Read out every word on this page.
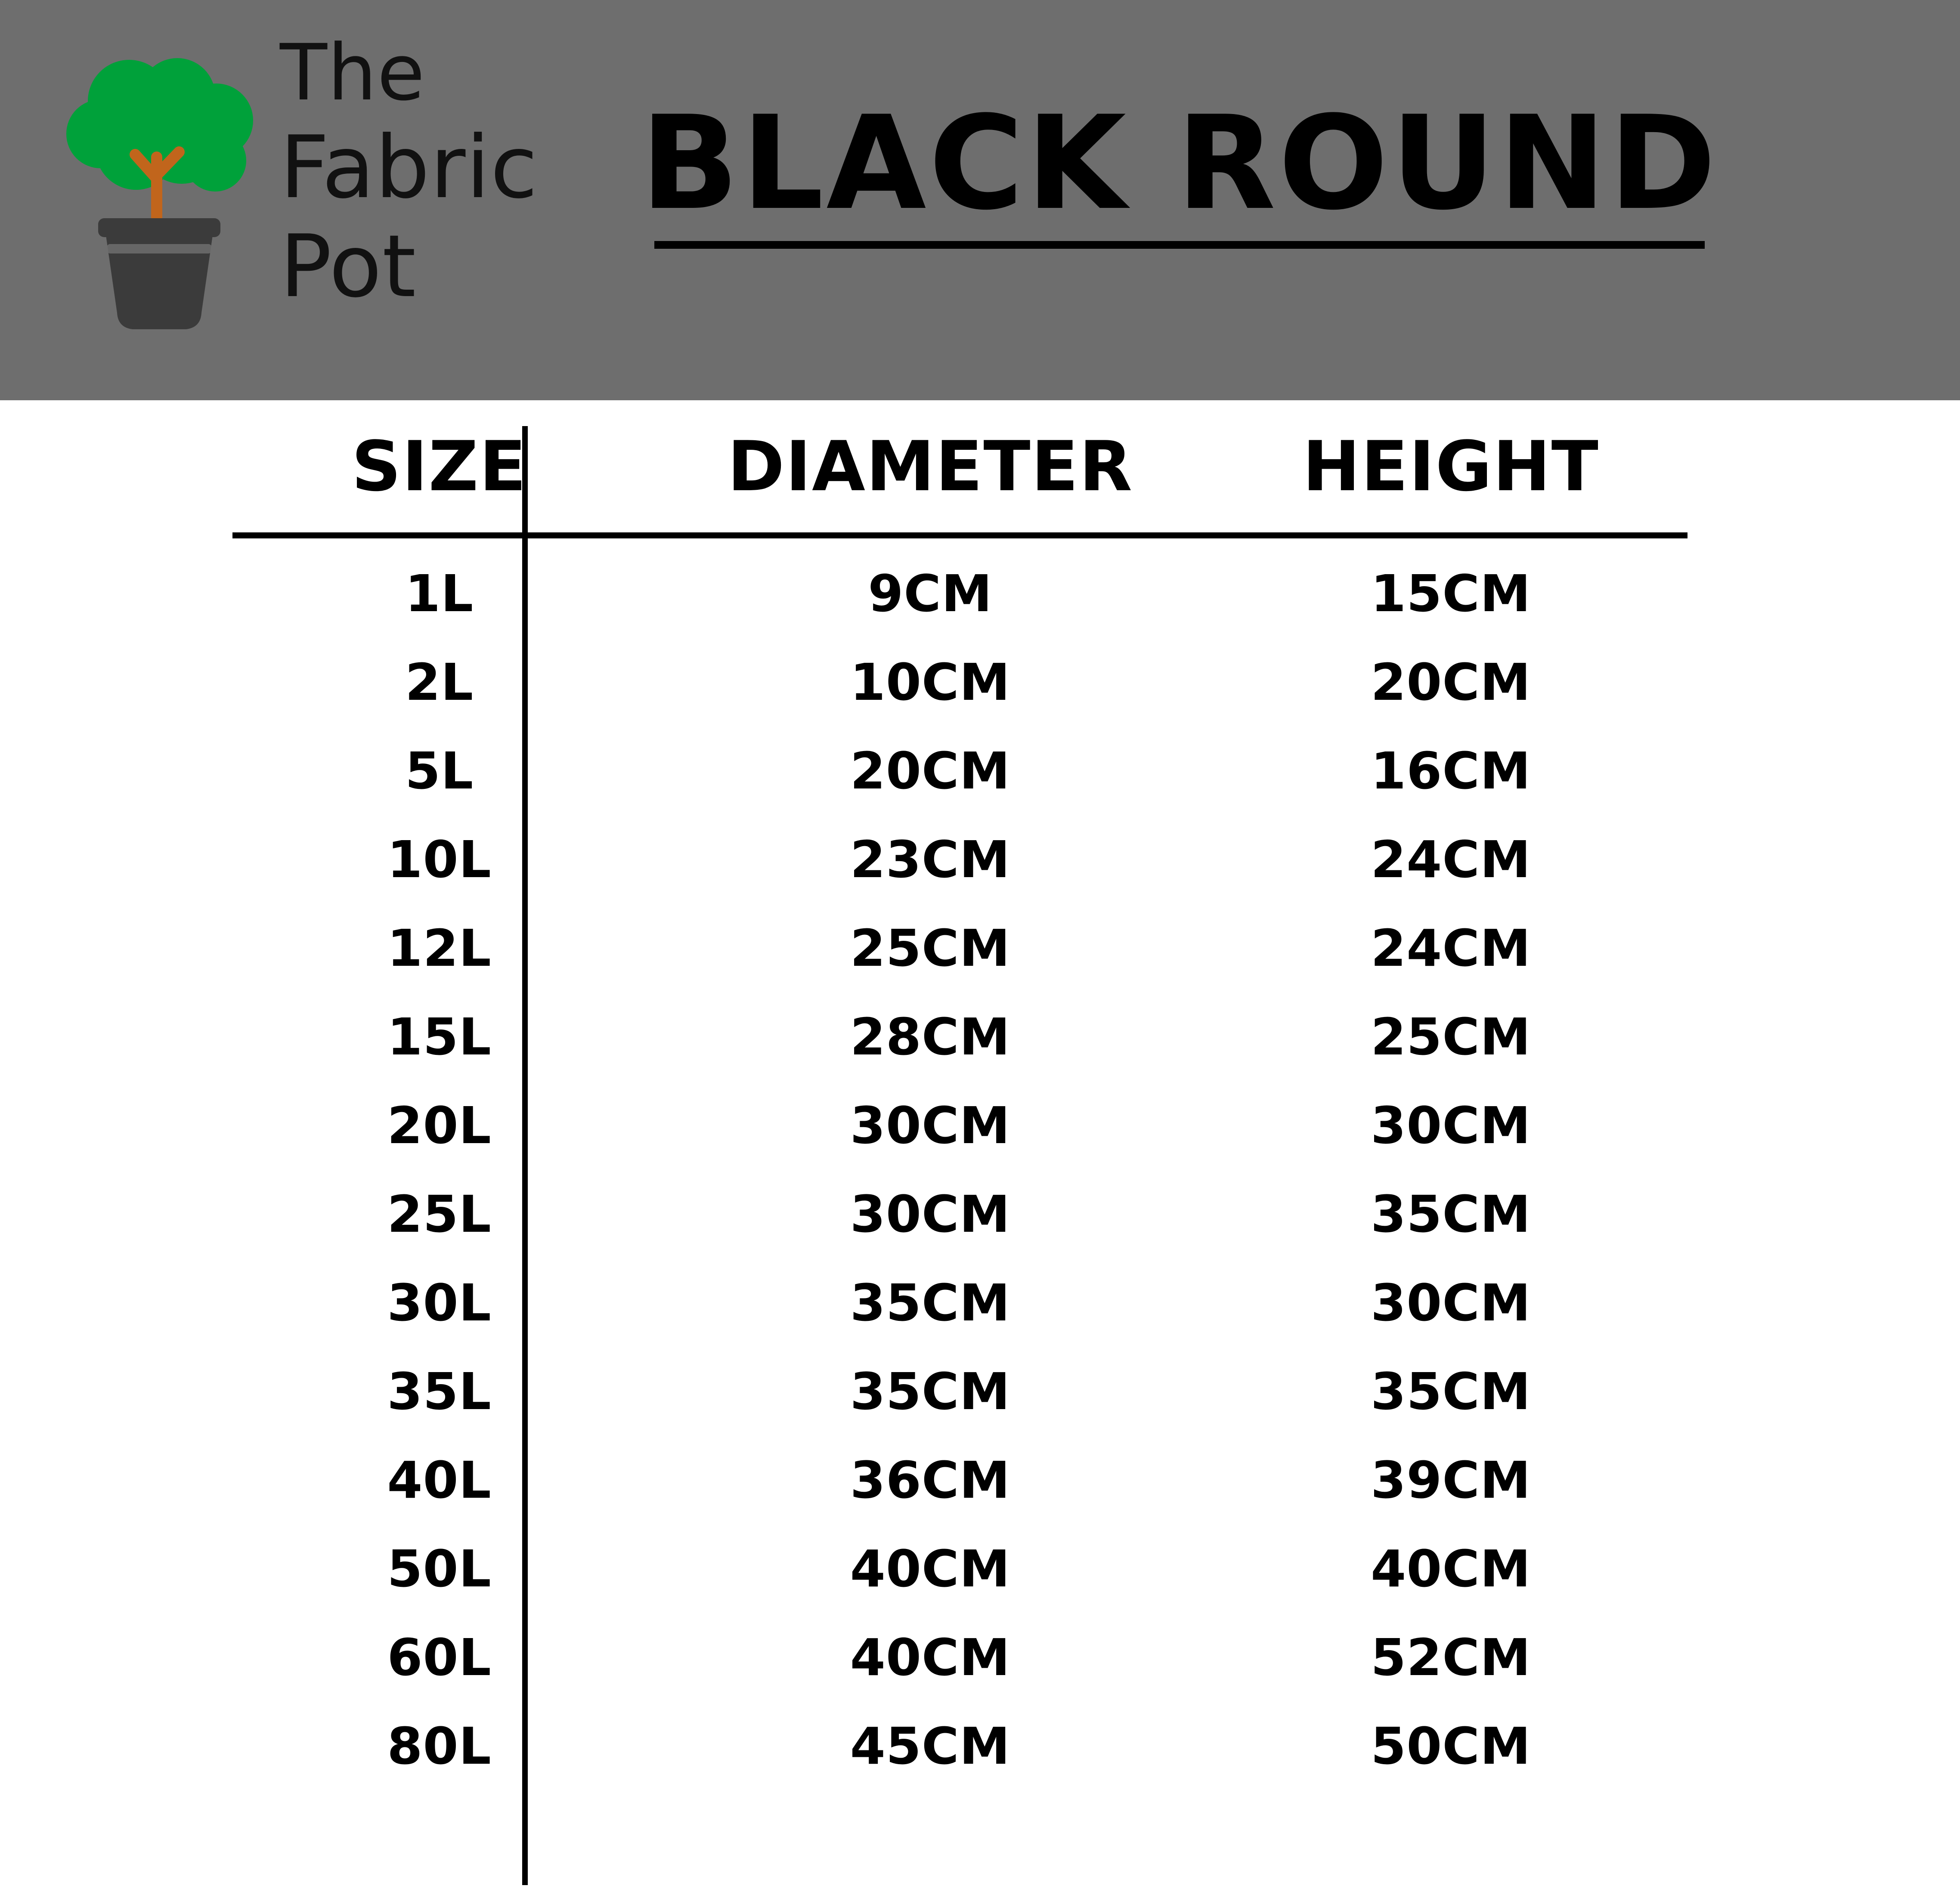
The
Fabric
Pot
BLACK ROUND
SIZE	DIAMETER	HEIGHT
1L	9CM	15CM
2L	10CM	20CM
5L	20CM	16CM
10L	23CM	24CM
12L	25CM	24CM
15L	28CM	25CM
20L	30CM	30CM
25L	30CM	35CM
30L	35CM	30CM
35L	35CM	35CM
40L	36CM	39CM
50L	40CM	40CM
60L	40CM	52CM
80L	45CM	50CM
